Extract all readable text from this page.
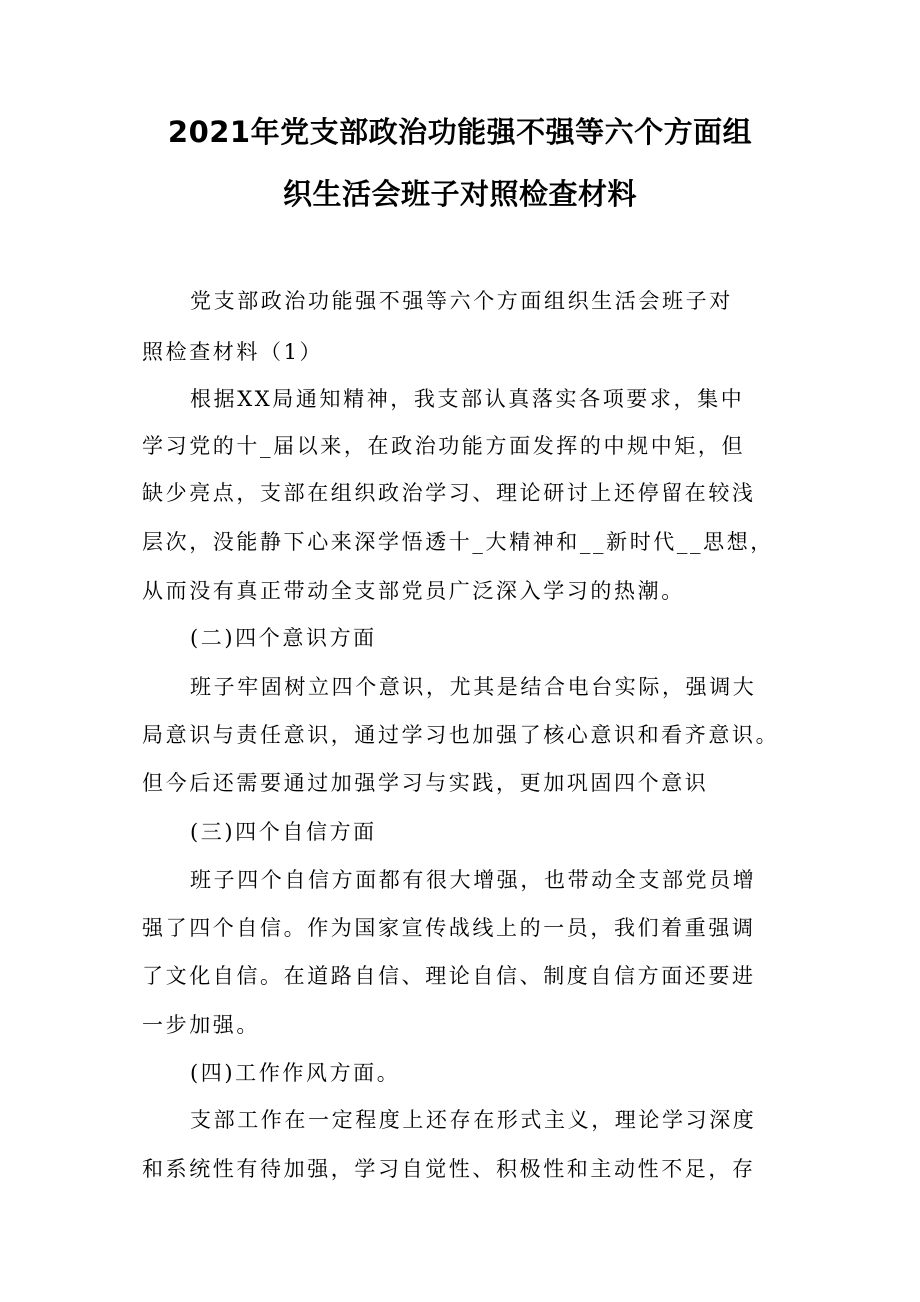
2021年党支部政治功能强不强等六个方面组
织生活会班子对照检查材料
党支部政治功能强不强等六个方面组织生活会班子对
照检查材料（1）
根据XX局通知精神，我支部认真落实各项要求，集中
学习党的十_届以来，在政治功能方面发挥的中规中矩，但
缺少亮点，支部在组织政治学习、理论研讨上还停留在较浅
层次，没能静下心来深学悟透十_大精神和__新时代__思想，
从而没有真正带动全支部党员广泛深入学习的热潮。
(二)四个意识方面
班子牢固树立四个意识，尤其是结合电台实际，强调大
局意识与责任意识，通过学习也加强了核心意识和看齐意识。
但今后还需要通过加强学习与实践，更加巩固四个意识
(三)四个自信方面
班子四个自信方面都有很大增强，也带动全支部党员增
强了四个自信。作为国家宣传战线上的一员，我们着重强调
了文化自信。在道路自信、理论自信、制度自信方面还要进
一步加强。
(四)工作作风方面。
支部工作在一定程度上还存在形式主义，理论学习深度
和系统性有待加强，学习自觉性、积极性和主动性不足，存
